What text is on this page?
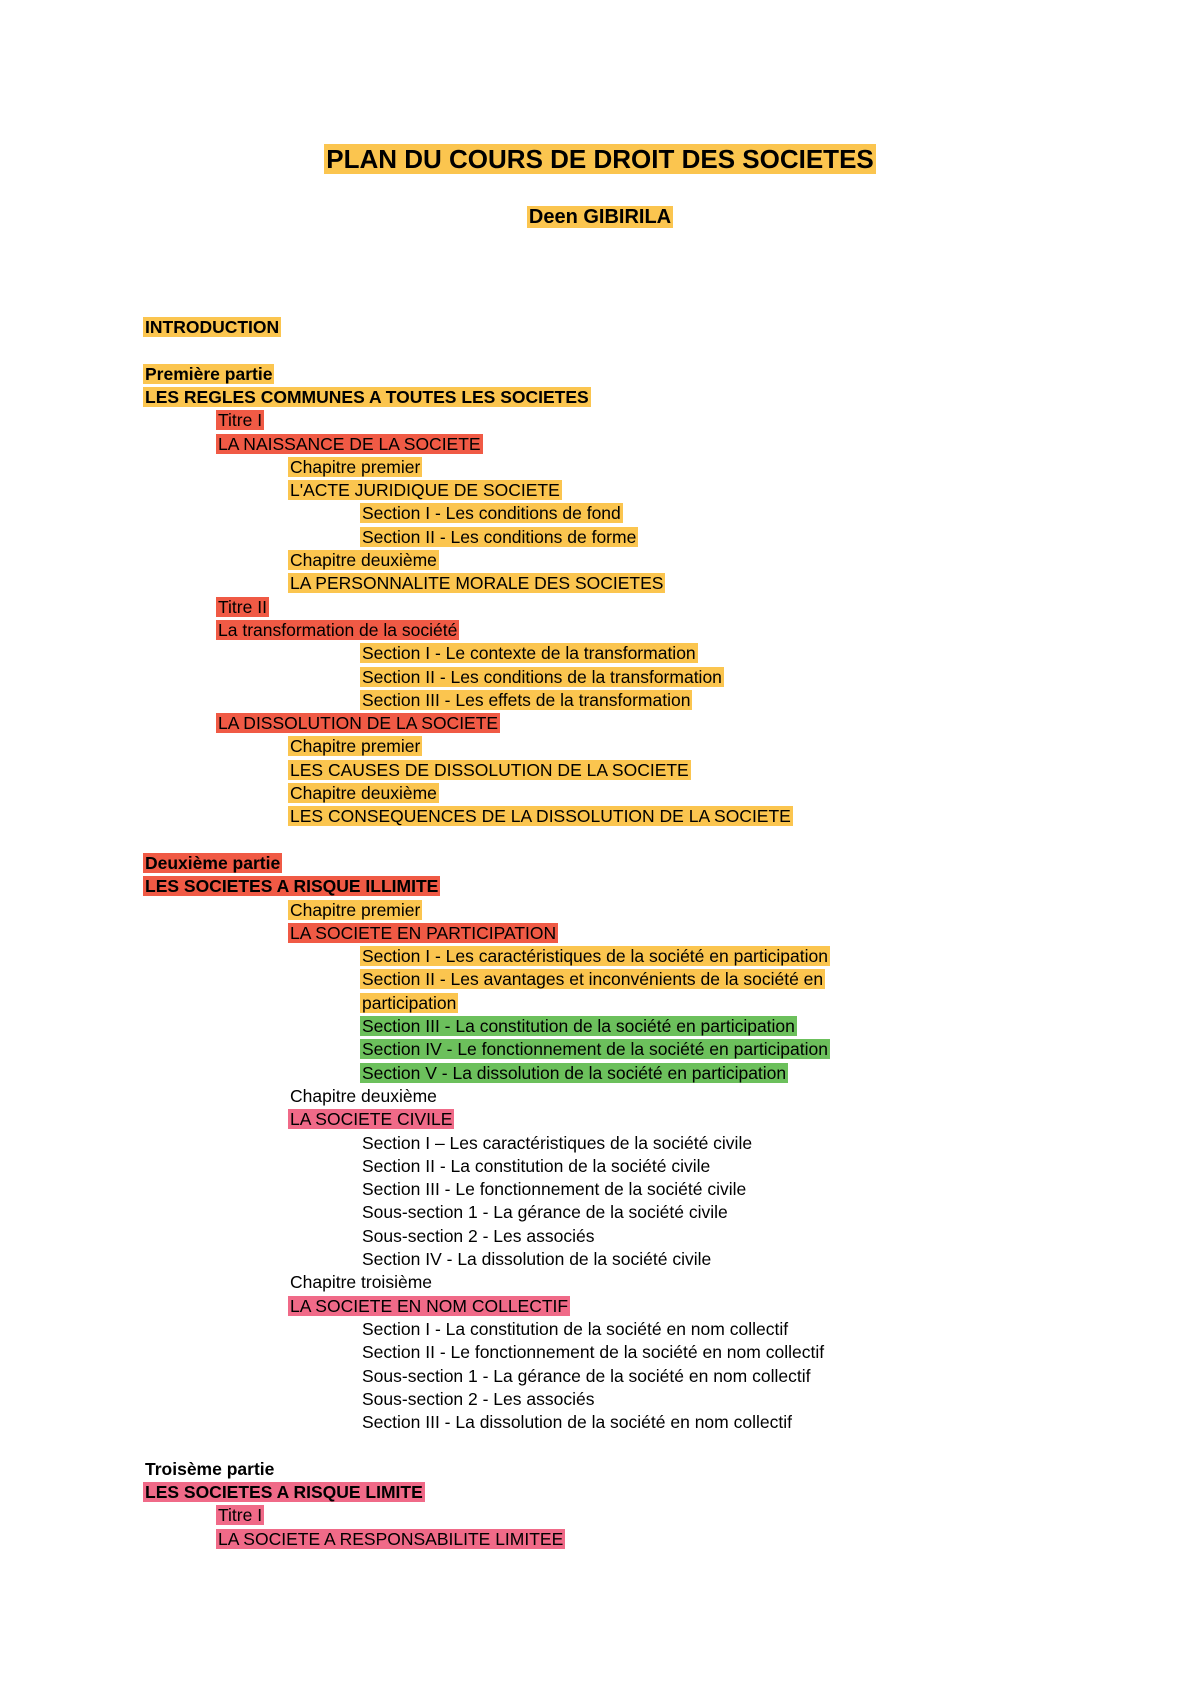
PLAN DU COURS DE DROIT DES SOCIETES
Deen GIBIRILA
INTRODUCTION
Première partie
LES REGLES COMMUNES A TOUTES LES SOCIETES
Titre I
LA NAISSANCE DE LA SOCIETE
Chapitre premier
L'ACTE JURIDIQUE DE SOCIETE
Section I - Les conditions de fond
Section II - Les conditions de forme
Chapitre deuxième
LA PERSONNALITE MORALE DES SOCIETES
Titre II
La transformation de la société
Section I - Le contexte de la transformation
Section II - Les conditions de la transformation
Section III - Les effets de la transformation
LA DISSOLUTION DE LA SOCIETE
Chapitre premier
LES CAUSES DE DISSOLUTION DE LA SOCIETE
Chapitre deuxième
LES CONSEQUENCES DE LA DISSOLUTION DE LA SOCIETE
Deuxième partie
LES SOCIETES A RISQUE ILLIMITE
Chapitre premier
LA SOCIETE EN PARTICIPATION
Section I - Les caractéristiques de la société en participation
Section II - Les avantages et inconvénients de la société en
participation
Section III - La constitution de la société en participation
Section IV - Le fonctionnement de la société en participation
Section V - La dissolution de la société en participation
Chapitre deuxième
LA SOCIETE CIVILE
Section I – Les caractéristiques de la société civile
Section II - La constitution de la société civile
Section III - Le fonctionnement de la société civile
Sous-section 1 - La gérance de la société civile
Sous-section 2 - Les associés
Section IV - La dissolution de la société civile
Chapitre troisième
LA SOCIETE EN NOM COLLECTIF
Section I - La constitution de la société en nom collectif
Section II - Le fonctionnement de la société en nom collectif
Sous-section 1 - La gérance de la société en nom collectif
Sous-section 2 - Les associés
Section III - La dissolution de la société en nom collectif
Troisème partie
LES SOCIETES A RISQUE LIMITE
Titre I
LA SOCIETE A RESPONSABILITE LIMITEE
